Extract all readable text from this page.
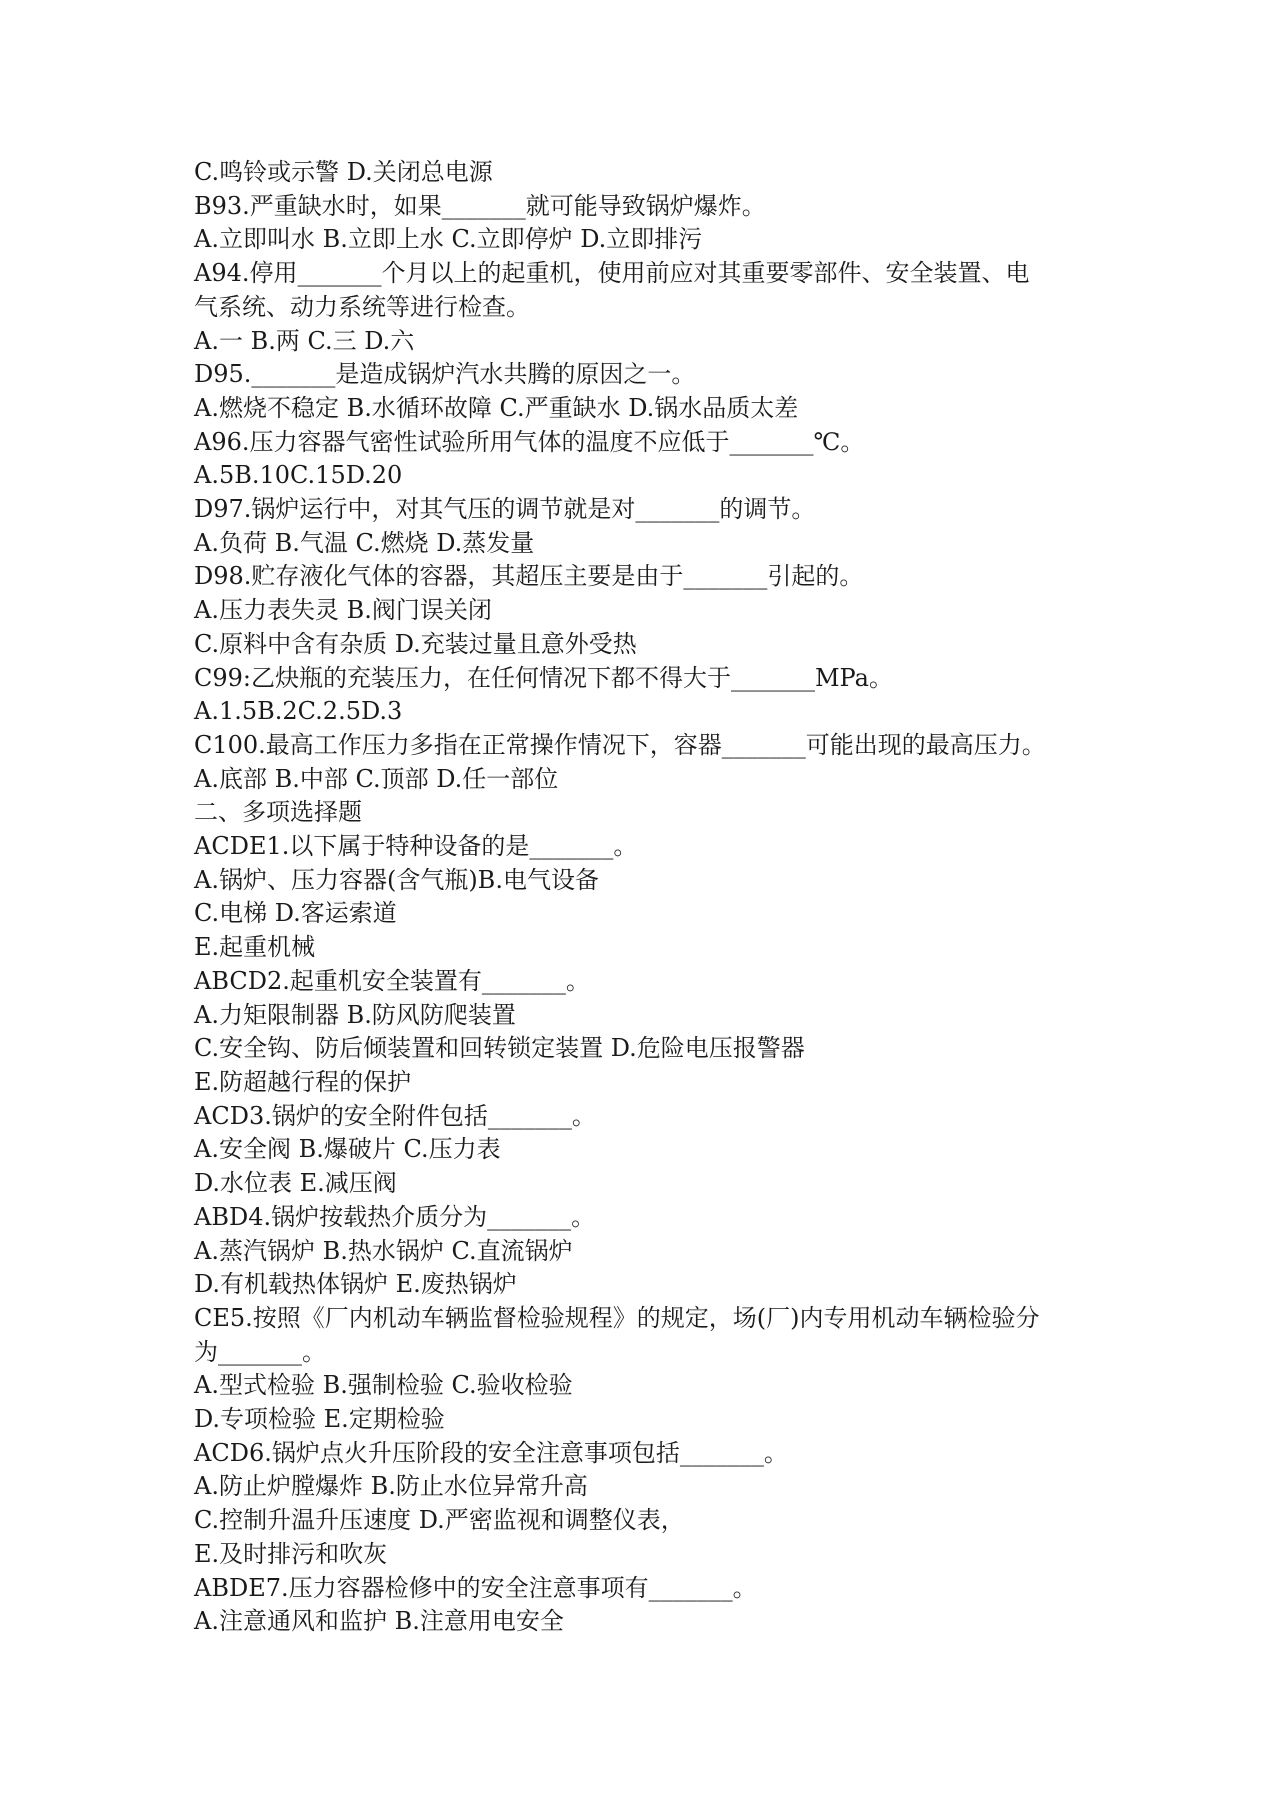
C.鸣铃或示警 D.关闭总电源

B93.严重缺水时，如果_______就可能导致锅炉爆炸。

A.立即叫水 B.立即上水 C.立即停炉 D.立即排污

A94.停用_______个月以上的起重机，使用前应对其重要零部件、安全装置、电

气系统、动力系统等进行检查。

A.一 B.两 C.三 D.六

D95._______是造成锅炉汽水共腾的原因之一。

A.燃烧不稳定 B.水循环故障 C.严重缺水 D.锅水品质太差

A96.压力容器气密性试验所用气体的温度不应低于_______℃。

A.5B.10C.15D.20

D97.锅炉运行中，对其气压的调节就是对_______的调节。

A.负荷 B.气温 C.燃烧 D.蒸发量

D98.贮存液化气体的容器，其超压主要是由于_______引起的。

A.压力表失灵 B.阀门误关闭

C.原料中含有杂质 D.充装过量且意外受热

C99:乙炔瓶的充装压力，在任何情况下都不得大于_______MPa。

A.1.5B.2C.2.5D.3

C100.最高工作压力多指在正常操作情况下，容器_______可能出现的最高压力。

A.底部 B.中部 C.顶部 D.任一部位

二、多项选择题

ACDE1.以下属于特种设备的是_______。

A.锅炉、压力容器(含气瓶)B.电气设备

C.电梯 D.客运索道

E.起重机械

ABCD2.起重机安全装置有_______。

A.力矩限制器 B.防风防爬装置

C.安全钩、防后倾装置和回转锁定装置 D.危险电压报警器

E.防超越行程的保护

ACD3.锅炉的安全附件包括_______。

A.安全阀 B.爆破片 C.压力表

D.水位表 E.减压阀

ABD4.锅炉按载热介质分为_______。

A.蒸汽锅炉 B.热水锅炉 C.直流锅炉

D.有机载热体锅炉 E.废热锅炉

CE5.按照《厂内机动车辆监督检验规程》的规定，场(厂)内专用机动车辆检验分

为_______。

A.型式检验 B.强制检验 C.验收检验

D.专项检验 E.定期检验

ACD6.锅炉点火升压阶段的安全注意事项包括_______。

A.防止炉膛爆炸 B.防止水位异常升高

C.控制升温升压速度 D.严密监视和调整仪表，

E.及时排污和吹灰

ABDE7.压力容器检修中的安全注意事项有_______。

A.注意通风和监护 B.注意用电安全
